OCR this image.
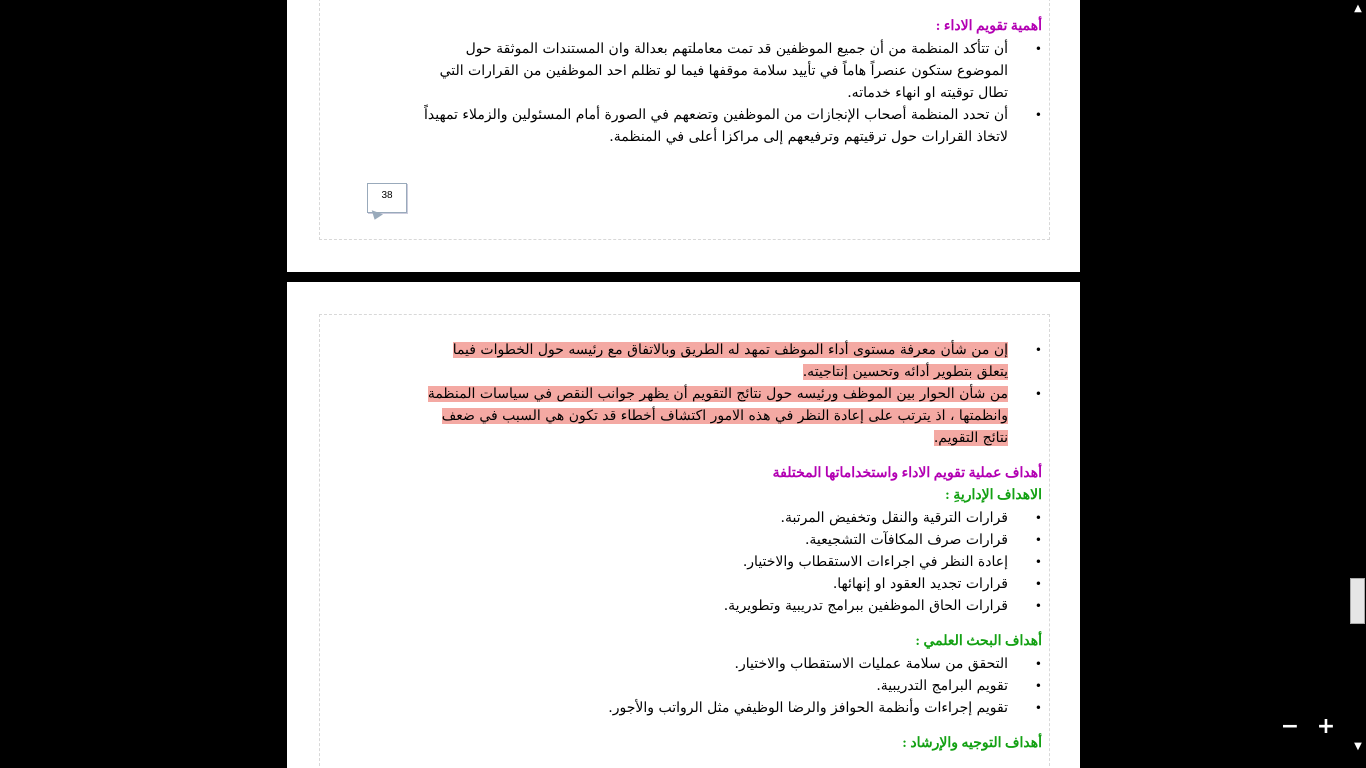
أهمية تقويم الاداء :

• أن تتأكد المنظمة من أن جميع الموظفين قد تمت معاملتهم بعدالة وان المستندات الموثقة حول الموضوع ستكون عنصراً هاماً في تأييد سلامة موقفها فيما لو تظلم احد الموظفين من القرارات التي تطال توقيته او انهاء خدماته.

• أن تحدد المنظمة أصحاب الإنجازات من الموظفين وتضعهم في الصورة أمام المسئولين والزملاء تمهيداً لاتخاذ القرارات حول ترقيتهم وترفيعهم إلى مراكزا أعلى في المنظمة.

38

• إن من شأن معرفة مستوى أداء الموظف تمهد له الطريق وبالاتفاق مع رئيسه حول الخطوات فيما يتعلق بتطوير أدائه وتحسين إنتاجيته.

• من شأن الحوار بين الموظف ورئيسه حول نتائج التقويم أن يظهر جوانب النقص في سياسات المنظمة وانظمتها ، اذ يترتب على إعادة النظر في هذه الامور اكتشاف أخطاء قد تكون هي السبب في ضعف نتائج التقويم.

أهداف عملية تقويم الاداء واستخداماتها المختلفة
الاهداف الإداريةِ :

• قرارات الترقية والنقل وتخفيض المرتبة.

• قرارات صرف المكافآت التشجيعية.

• إعادة النظر في اجراءات الاستقطاب والاختيار.

• قرارات تجديد العقود او إنهائها.

• قرارات الحاق الموظفين ببرامج تدريبية وتطويرية.

أهداف البحث العلمي :

• التحقق من سلامة عمليات الاستقطاب والاختيار.

• تقويم البرامج التدريبية.

• تقويم إجراءات وأنظمة الحوافز والرضا الوظيفي مثل الرواتب والأجور.

أهداف التوجيه والإرشاد :
▲
▼
− +
